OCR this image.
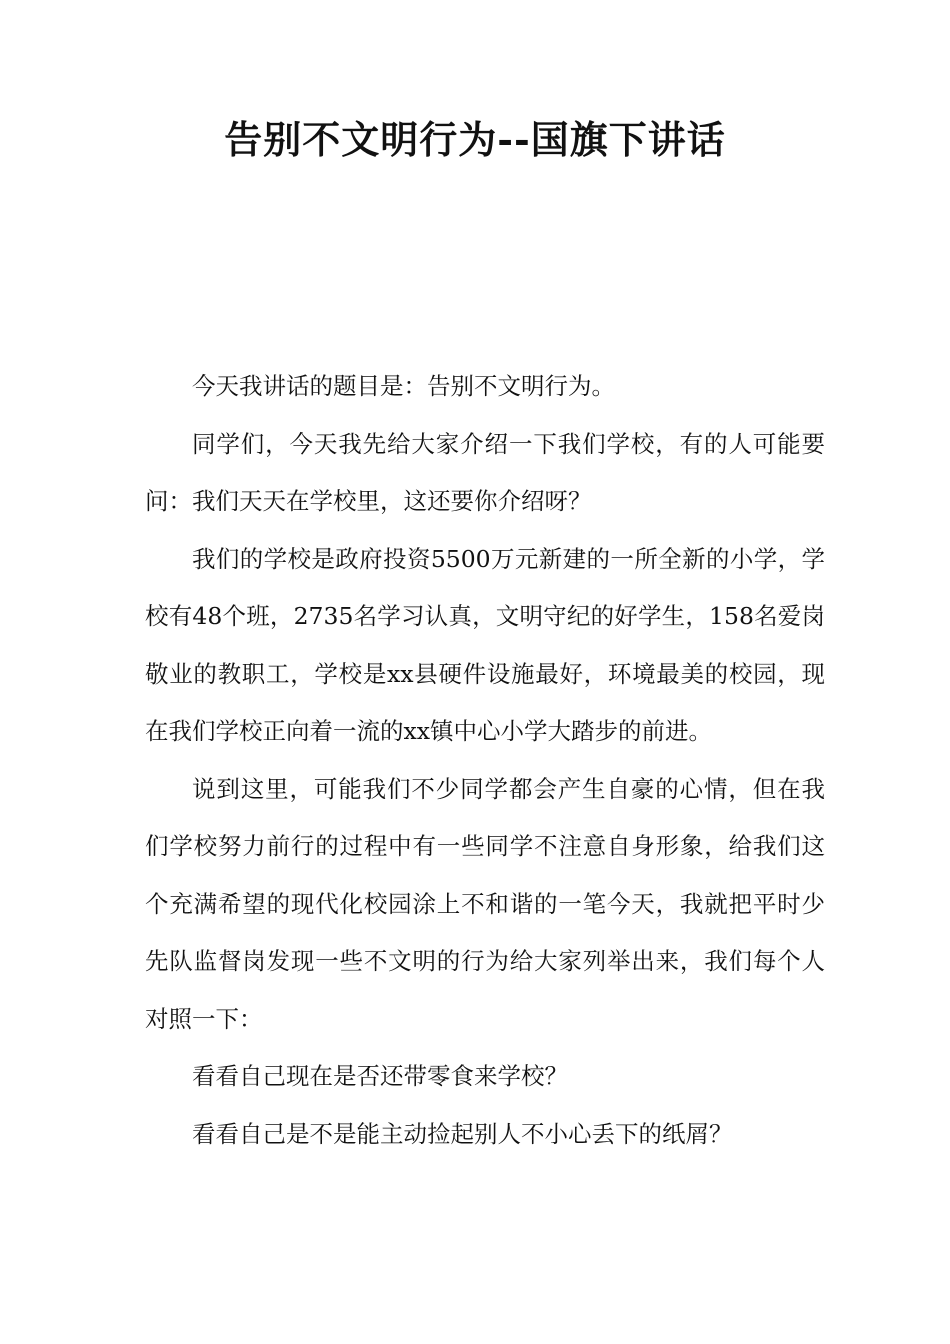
告别不文明行为--国旗下讲话

今天我讲话的题目是：告别不文明行为。

同学们，今天我先给大家介绍一下我们学校，有的人可能要问：我们天天在学校里，这还要你介绍呀？

我们的学校是政府投资5500万元新建的一所全新的小学，学校有48个班，2735名学习认真，文明守纪的好学生，158名爱岗敬业的教职工，学校是xx县硬件设施最好，环境最美的校园，现在我们学校正向着一流的xx镇中心小学大踏步的前进。

说到这里，可能我们不少同学都会产生自豪的心情，但在我们学校努力前行的过程中有一些同学不注意自身形象，给我们这个充满希望的现代化校园涂上不和谐的一笔今天，我就把平时少先队监督岗发现一些不文明的行为给大家列举出来，我们每个人对照一下：

看看自己现在是否还带零食来学校？

看看自己是不是能主动捡起别人不小心丢下的纸屑？
